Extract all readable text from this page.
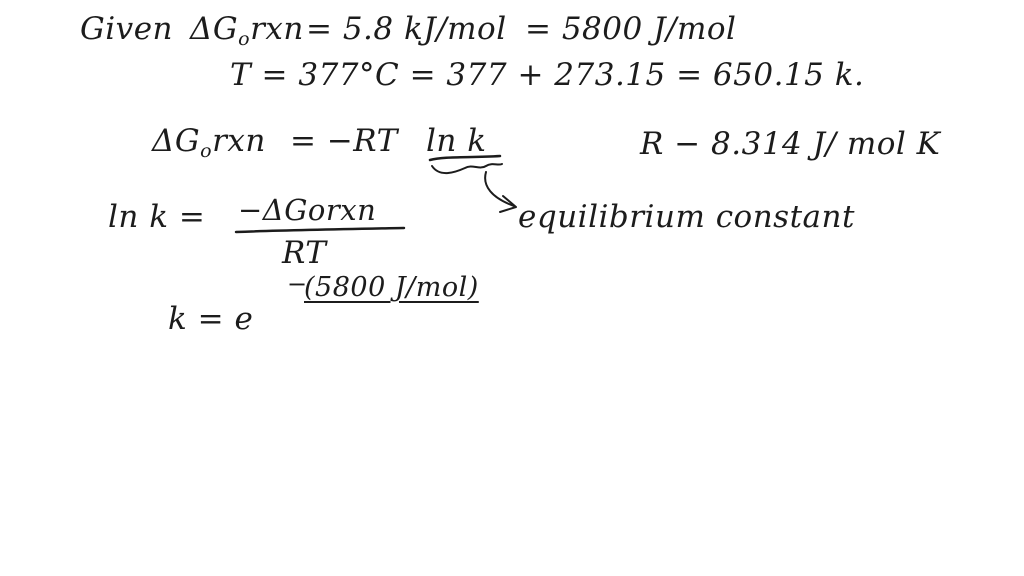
Given $\Delta G_orxn = 5.8$ kJ/mol = 5800 J/mol
T = 377°C = 377 + 273.15 = 650.15 k.
$\Delta G_orxn = -RT$ ln k	R − 8.314 J/ mol K
ln k = −ΔGorxn
RT
equilibrium constant
k = e
−
(5800 J/mol)
